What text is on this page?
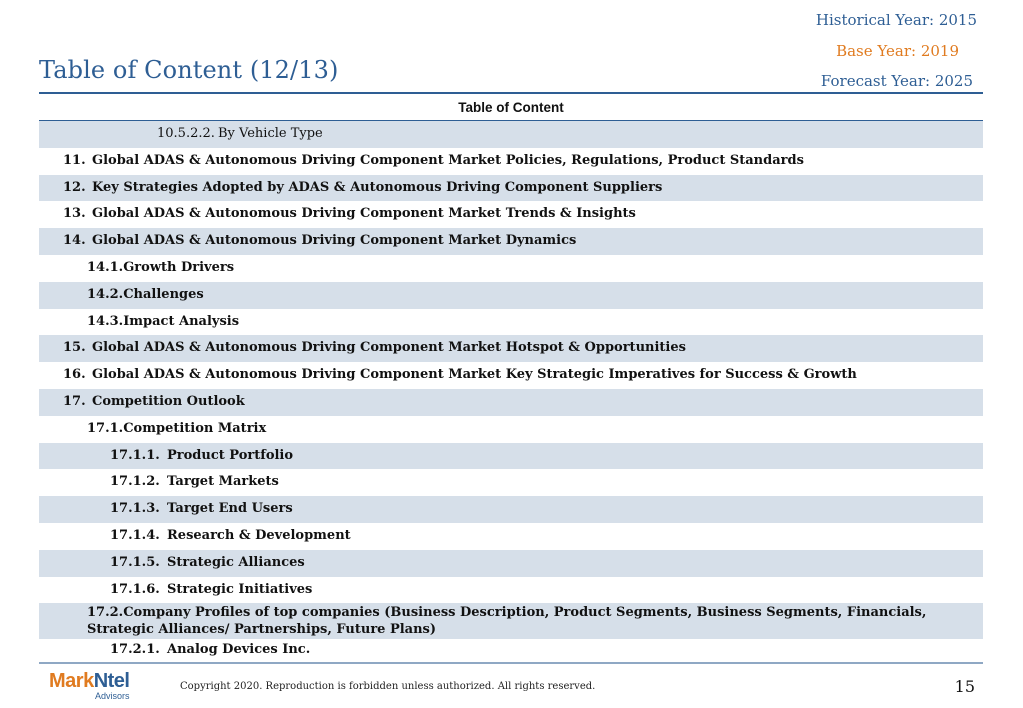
Historical Year: 2015
Base Year: 2019
Forecast Year: 2025
Table of Content (12/13)
Table of Content
10.5.2.2. By Vehicle Type
11. Global ADAS & Autonomous Driving Component Market Policies, Regulations, Product Standards
12. Key Strategies Adopted by ADAS & Autonomous Driving Component Suppliers
13. Global ADAS & Autonomous Driving Component Market Trends & Insights
14. Global ADAS & Autonomous Driving Component Market Dynamics
14.1.Growth Drivers
14.2.Challenges
14.3.Impact Analysis
15. Global ADAS & Autonomous Driving Component Market Hotspot & Opportunities
16. Global ADAS & Autonomous Driving Component Market Key Strategic Imperatives for Success & Growth
17. Competition Outlook
17.1.Competition Matrix
17.1.1. Product Portfolio
17.1.2. Target Markets
17.1.3. Target End Users
17.1.4. Research & Development
17.1.5. Strategic Alliances
17.1.6. Strategic Initiatives
17.2.Company Profiles of top companies (Business Description, Product Segments, Business Segments, Financials, Strategic Alliances/ Partnerships, Future Plans)
17.2.1. Analog Devices Inc.
MarkNtel
Advisors
Copyright 2020. Reproduction is forbidden unless authorized. All rights reserved.	15
